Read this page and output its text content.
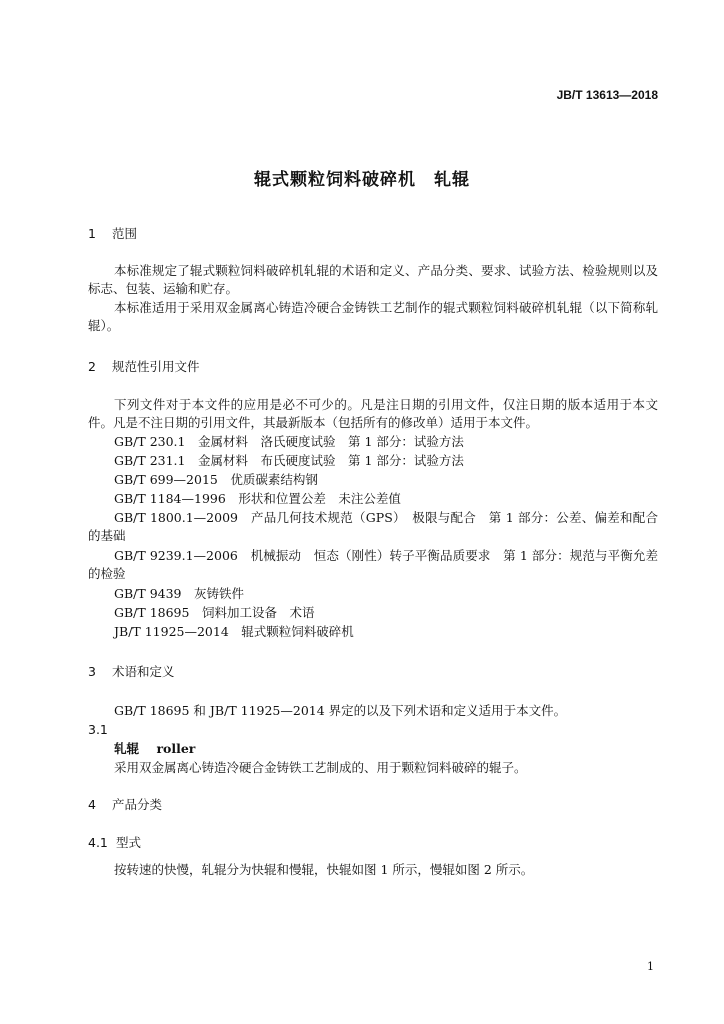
JB/T 13613—2018
辊式颗粒饲料破碎机　轧辊
1 范围
本标准规定了辊式颗粒饲料破碎机轧辊的术语和定义、产品分类、要求、试验方法、检验规则以及标志、包装、运输和贮存。
本标准适用于采用双金属离心铸造冷硬合金铸铁工艺制作的辊式颗粒饲料破碎机轧辊（以下简称轧辊）。
2 规范性引用文件
下列文件对于本文件的应用是必不可少的。凡是注日期的引用文件，仅注日期的版本适用于本文件。凡是不注日期的引用文件，其最新版本（包括所有的修改单）适用于本文件。
GB/T 230.1　金属材料　洛氏硬度试验　第 1 部分：试验方法
GB/T 231.1　金属材料　布氏硬度试验　第 1 部分：试验方法
GB/T 699—2015　优质碳素结构钢
GB/T 1184—1996　形状和位置公差　未注公差值
GB/T 1800.1—2009　产品几何技术规范（GPS）　极限与配合　第 1 部分：公差、偏差和配合的基础
GB/T 9239.1—2006　机械振动　恒态（刚性）转子平衡品质要求　第 1 部分：规范与平衡允差的检验
GB/T 9439　灰铸铁件
GB/T 18695　饲料加工设备　术语
JB/T 11925—2014　辊式颗粒饲料破碎机
3 术语和定义
GB/T 18695 和 JB/T 11925—2014 界定的以及下列术语和定义适用于本文件。
3.1
轧辊 roller
采用双金属离心铸造冷硬合金铸铁工艺制成的、用于颗粒饲料破碎的辊子。
4 产品分类
4.1 型式
按转速的快慢，轧辊分为快辊和慢辊，快辊如图 1 所示，慢辊如图 2 所示。
1
